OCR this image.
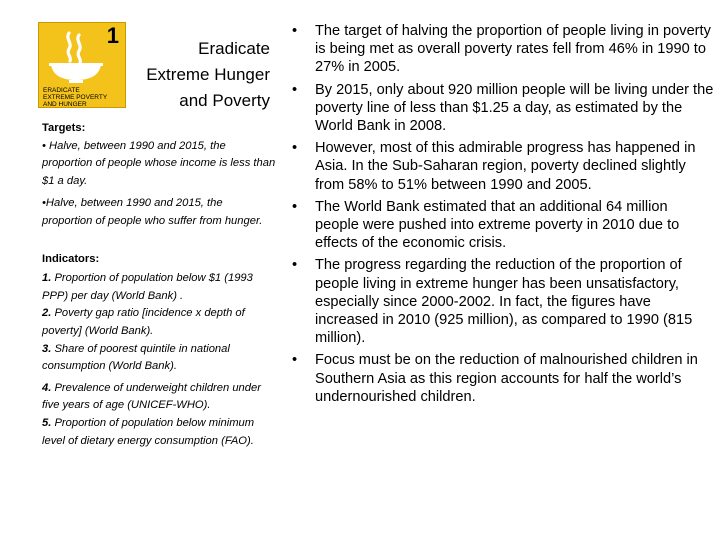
1
ERADICATE
EXTREME POVERTY
AND HUNGER
Eradicate
Extreme Hunger
and Poverty
Targets:

• Halve, between 1990 and 2015, the proportion of people whose income is less than $1 a day.

•Halve, between 1990 and 2015, the proportion of people who suffer from hunger.

Indicators:
1. Proportion of population below $1 (1993 PPP) per day (World Bank) .
2. Poverty gap ratio [incidence x depth of poverty] (World Bank).
3. Share of poorest quintile in national consumption (World Bank).
4. Prevalence of underweight children under five years of age (UNICEF-WHO).
5. Proportion of population below minimum level of dietary energy consumption (FAO).
• The target of halving the proportion of people living in poverty is being met as overall poverty rates fell from 46% in 1990 to 27% in 2005.
• By 2015, only about 920 million people will be living under the poverty line of less than $1.25 a day, as estimated by the World Bank in 2008.
• However, most of this admirable progress has happened in Asia. In the Sub-Saharan region, poverty declined slightly from 58% to 51% between 1990 and 2005.
• The World Bank estimated that an additional 64 million people were pushed into extreme poverty in 2010 due to effects of the economic crisis.
• The progress regarding the reduction of the proportion of people living in extreme hunger has been unsatisfactory, especially since 2000-2002. In fact, the figures have increased in 2010 (925 million), as compared to 1990 (815 million).
• Focus must be on the reduction of malnourished children in Southern Asia as this region accounts for half the world’s undernourished children.
